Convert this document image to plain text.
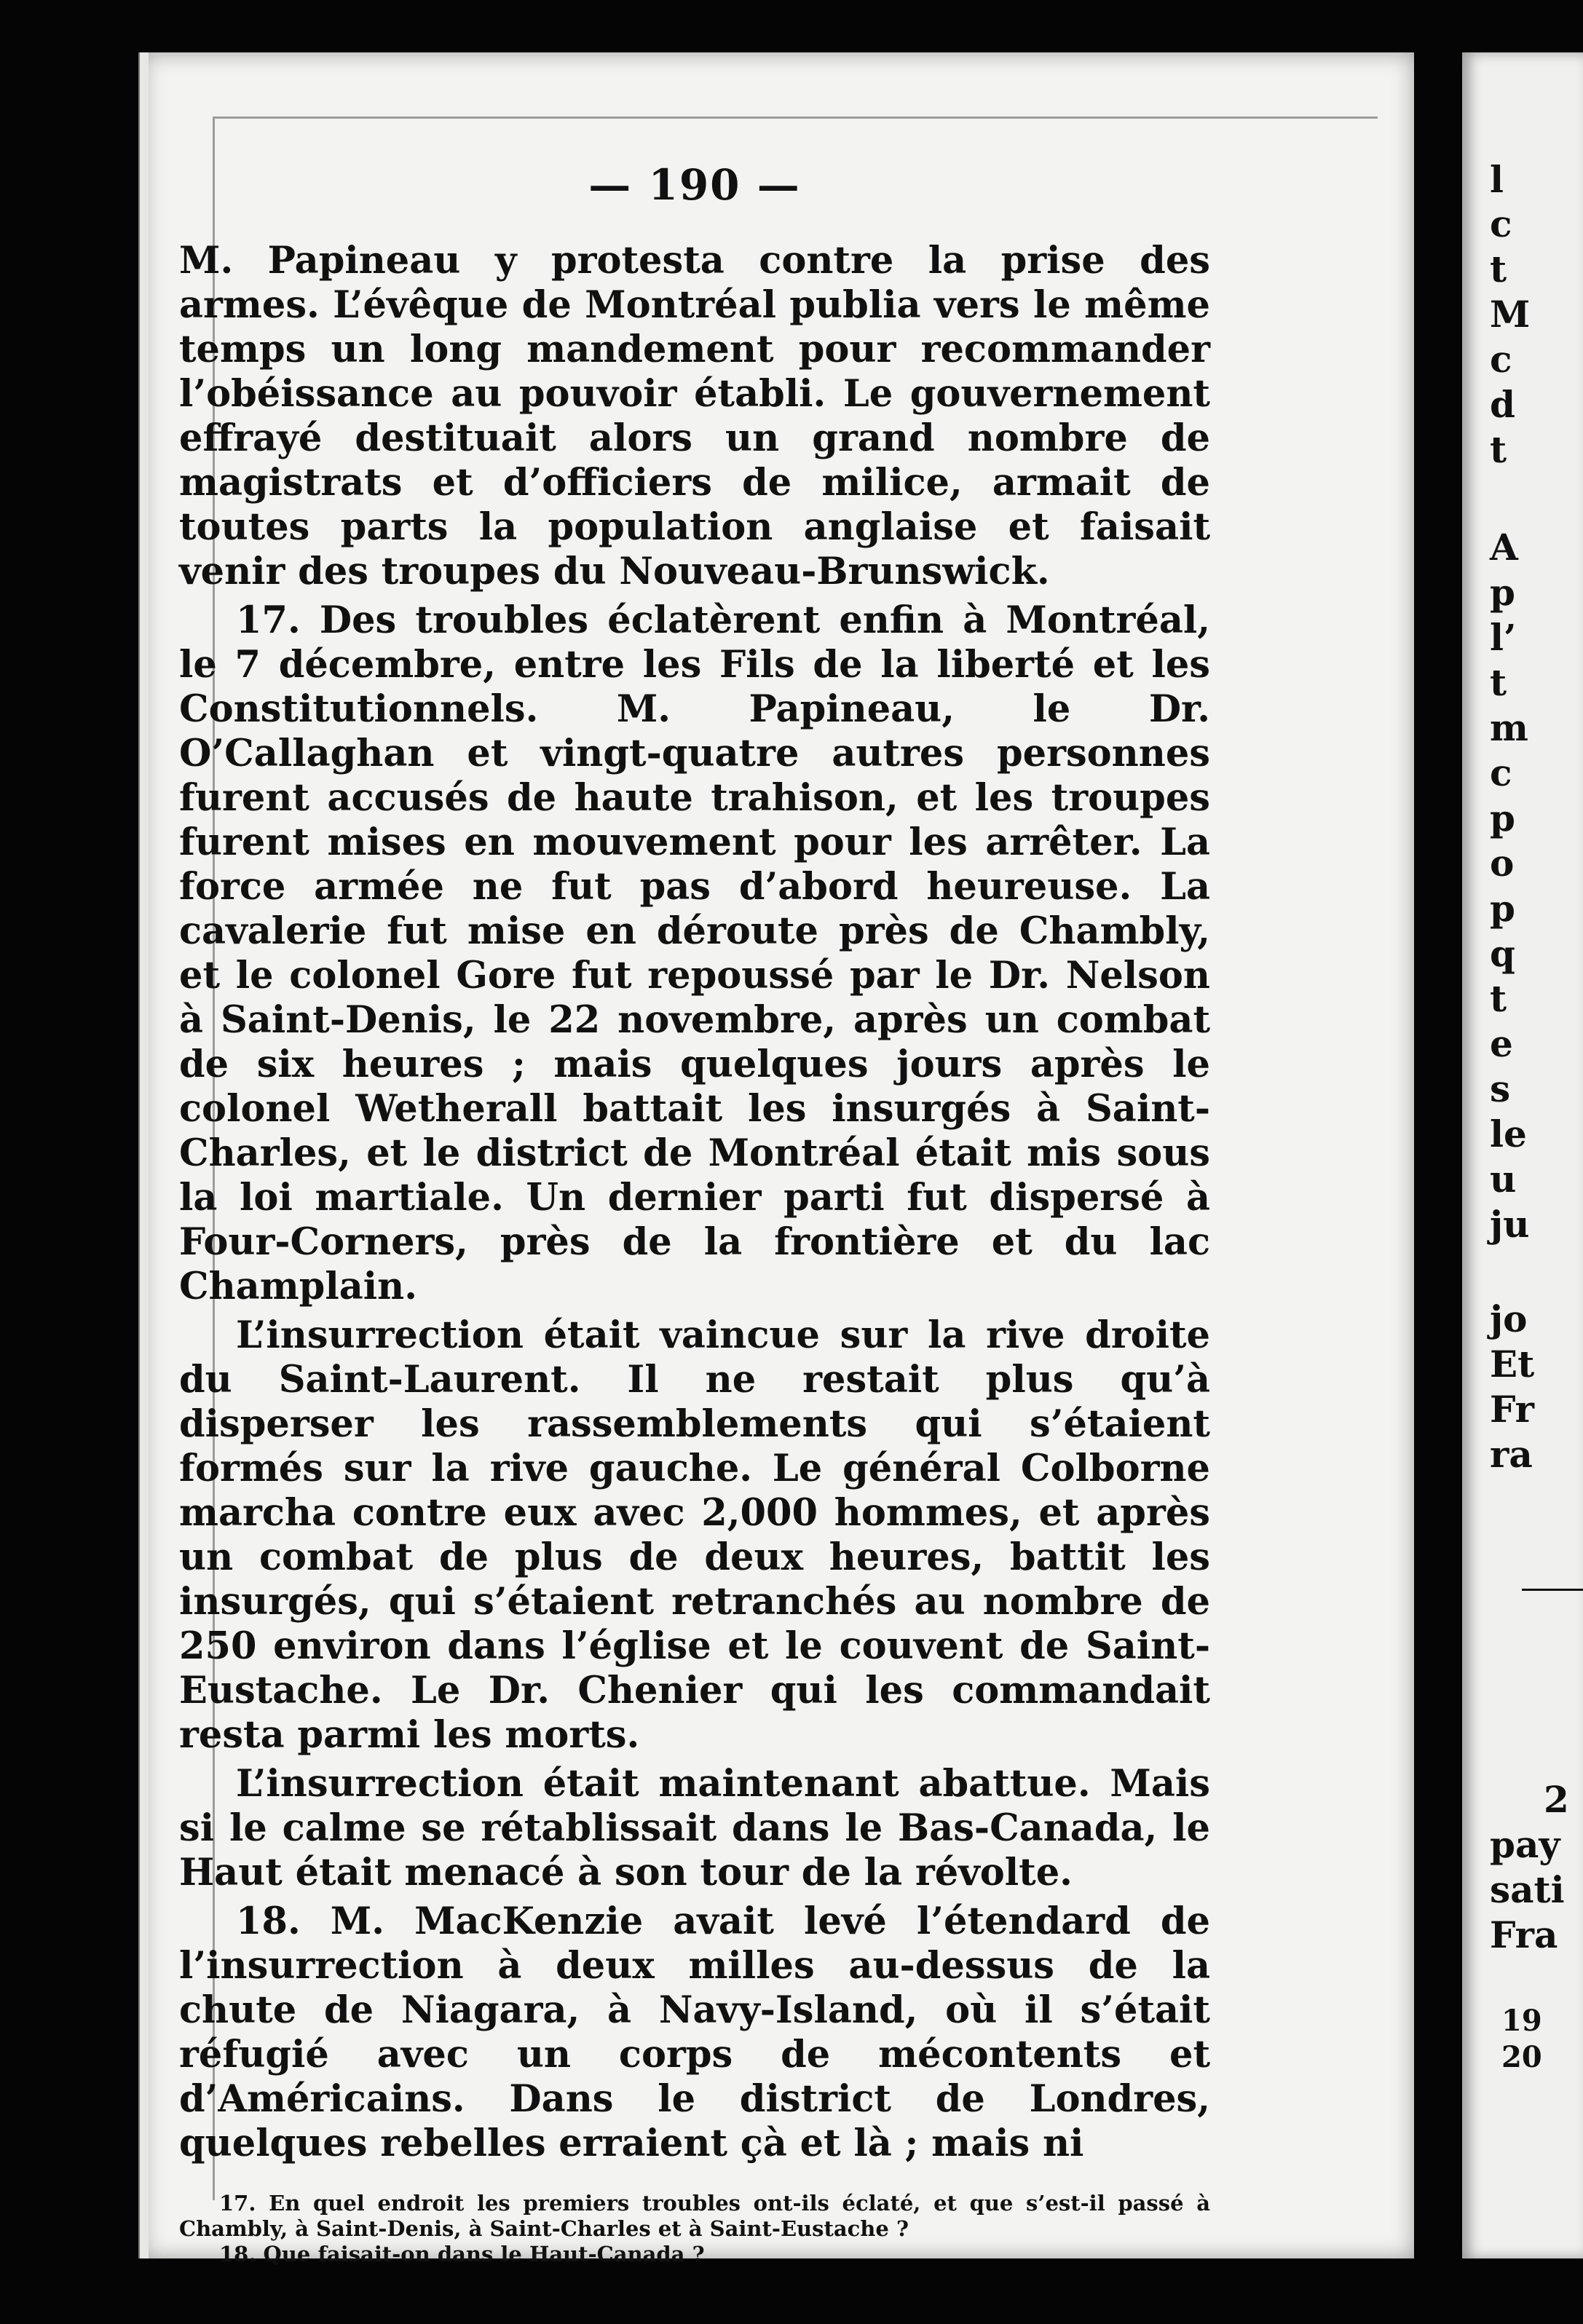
— 190 —

M. Papineau y protesta contre la prise des armes. L’évêque de Montréal publia vers le même temps un long mandement pour recommander l’obéissance au pouvoir établi. Le gouvernement effrayé destituait alors un grand nombre de magistrats et d’officiers de milice, armait de toutes parts la population anglaise et faisait venir des troupes du Nouveau-Brunswick.

17. Des troubles éclatèrent enfin à Montréal, le 7 décembre, entre les Fils de la liberté et les Constitutionnels. M. Papineau, le Dr. O’Callaghan et vingt-quatre autres personnes furent accusés de haute trahison, et les troupes furent mises en mouvement pour les arrêter. La force armée ne fut pas d’abord heureuse. La cavalerie fut mise en déroute près de Chambly, et le colonel Gore fut repoussé par le Dr. Nelson à Saint-Denis, le 22 novembre, après un combat de six heures ; mais quelques jours après le colonel Wetherall battait les insurgés à Saint-Charles, et le district de Montréal était mis sous la loi martiale. Un dernier parti fut dispersé à Four-Corners, près de la frontière et du lac Champlain.

L’insurrection était vaincue sur la rive droite du Saint-Laurent. Il ne restait plus qu’à disperser les rassemblements qui s’étaient formés sur la rive gauche. Le général Colborne marcha contre eux avec 2,000 hommes, et après un combat de plus de deux heures, battit les insurgés, qui s’étaient retranchés au nombre de 250 environ dans l’église et le couvent de Saint-Eustache. Le Dr. Chenier qui les commandait resta parmi les morts.

L’insurrection était maintenant abattue. Mais si le calme se rétablissait dans le Bas-Canada, le Haut était menacé à son tour de la révolte.

18. M. MacKenzie avait levé l’étendard de l’insurrection à deux milles au-dessus de la chute de Niagara, à Navy-Island, où il s’était réfugié avec un corps de mécontents et d’Américains. Dans le district de Londres, quelques rebelles erraient çà et là ; mais ni

17. En quel endroit les premiers troubles ont-ils éclaté, et que s’est-il passé à Chambly, à Saint-Denis, à Saint-Charles et à Saint-Eustache ?

18. Que faisait-on dans le Haut-Canada ?

l
c
t
M
c
d
t
A
p
l’
t
m
c
p
o
p
q
t
e
s
le
u
ju
jo
Et
Fr
ra
2
pay
sati
Fra
19
20
